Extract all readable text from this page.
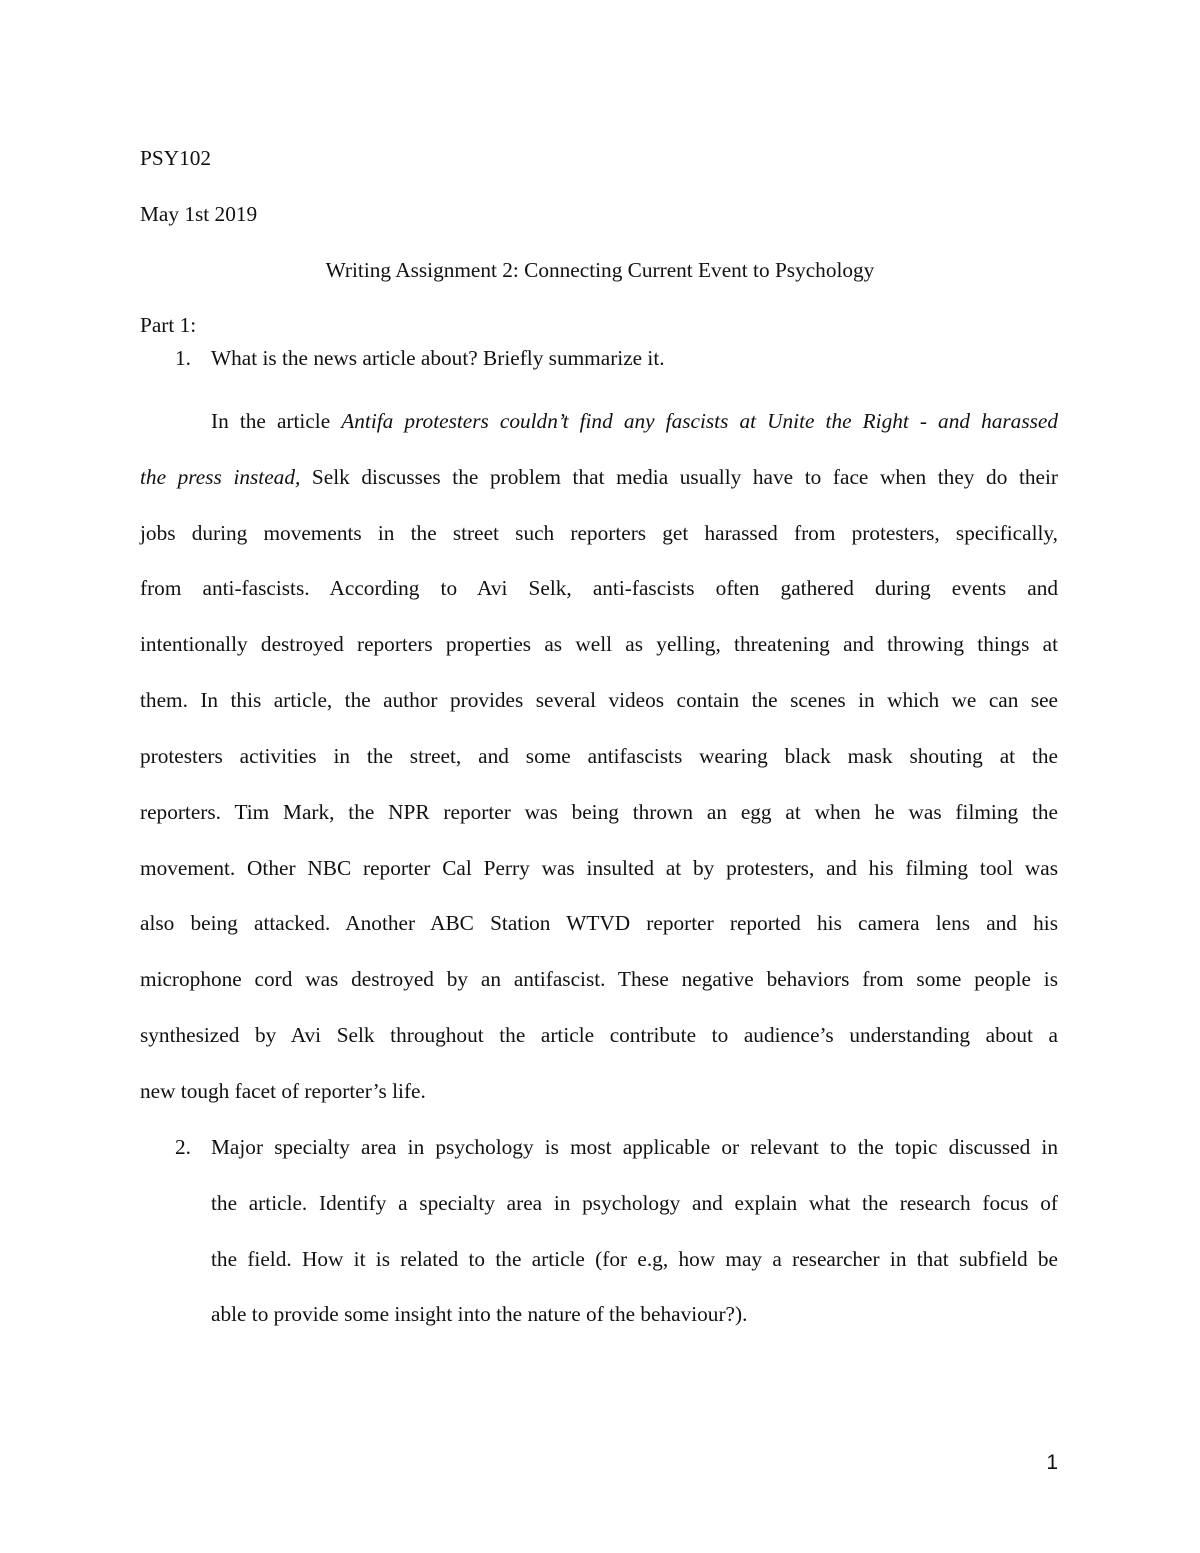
PSY102
May 1st 2019
Writing Assignment 2: Connecting Current Event to Psychology
Part 1:
1. What is the news article about? Briefly summarize it.
In the article Antifa protesters couldn’t find any fascists at Unite the Right - and harassed
the press instead, Selk discusses the problem that media usually have to face when they do their
jobs during movements in the street such reporters get harassed from protesters, specifically,
from anti-fascists. According to Avi Selk, anti-fascists often gathered during events and
intentionally destroyed reporters properties as well as yelling, threatening and throwing things at
them. In this article, the author provides several videos contain the scenes in which we can see
protesters activities in the street, and some antifascists wearing black mask shouting at the
reporters. Tim Mark, the NPR reporter was being thrown an egg at when he was filming the
movement. Other NBC reporter Cal Perry was insulted at by protesters, and his filming tool was
also being attacked. Another ABC Station WTVD reporter reported his camera lens and his
microphone cord was destroyed by an antifascist. These negative behaviors from some people is
synthesized by Avi Selk throughout the article contribute to audience’s understanding about a
new tough facet of reporter’s life.
2. Major specialty area in psychology is most applicable or relevant to the topic discussed in
the article. Identify a specialty area in psychology and explain what the research focus of
the field. How it is related to the article (for e.g, how may a researcher in that subfield be
able to provide some insight into the nature of the behaviour?).
1
